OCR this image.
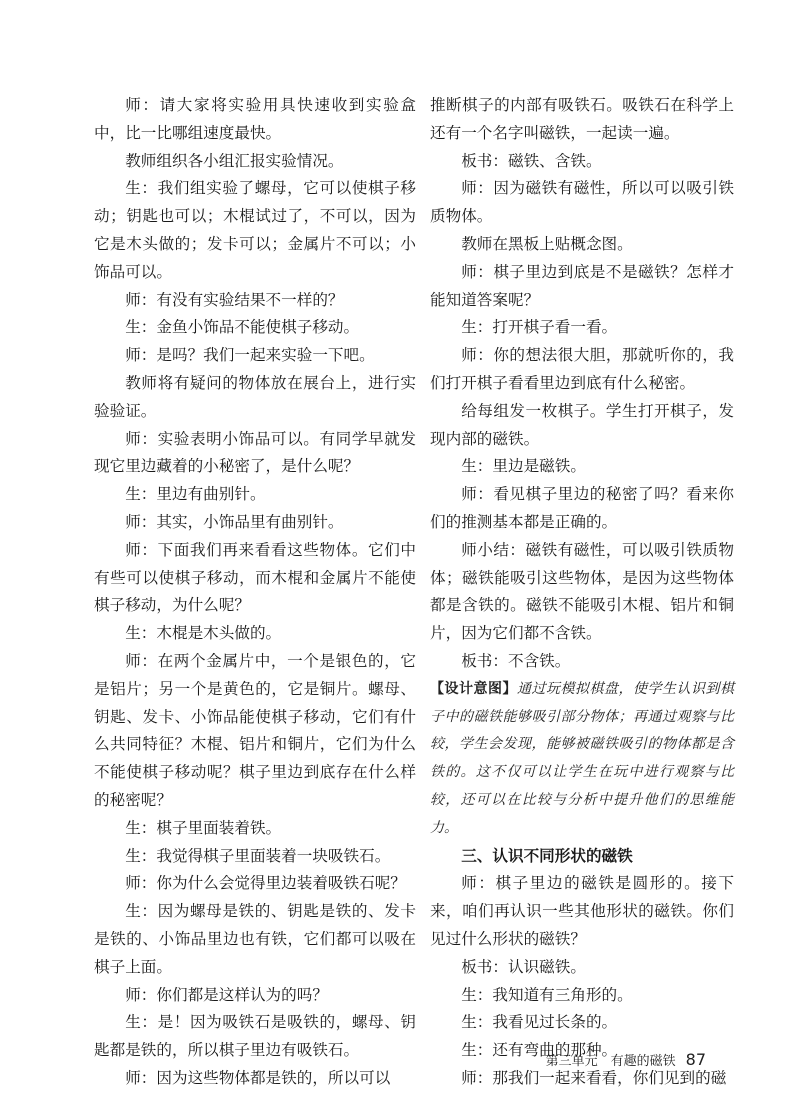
师：请大家将实验用具快速收到实验盒中，比一比哪组速度最快。

教师组织各小组汇报实验情况。

生：我们组实验了螺母，它可以使棋子移动；钥匙也可以；木棍试过了，不可以，因为它是木头做的；发卡可以；金属片不可以；小饰品可以。

师：有没有实验结果不一样的？

生：金鱼小饰品不能使棋子移动。

师：是吗？我们一起来实验一下吧。

教师将有疑问的物体放在展台上，进行实验验证。

师：实验表明小饰品可以。有同学早就发现它里边藏着的小秘密了，是什么呢？

生：里边有曲别针。

师：其实，小饰品里有曲别针。

师：下面我们再来看看这些物体。它们中有些可以使棋子移动，而木棍和金属片不能使棋子移动，为什么呢？

生：木棍是木头做的。

师：在两个金属片中，一个是银色的，它是铝片；另一个是黄色的，它是铜片。螺母、钥匙、发卡、小饰品能使棋子移动，它们有什么共同特征？木棍、铝片和铜片，它们为什么不能使棋子移动呢？棋子里边到底存在什么样的秘密呢？

生：棋子里面装着铁。

生：我觉得棋子里面装着一块吸铁石。

师：你为什么会觉得里边装着吸铁石呢？

生：因为螺母是铁的、钥匙是铁的、发卡是铁的、小饰品里边也有铁，它们都可以吸在棋子上面。

师：你们都是这样认为的吗？

生：是！因为吸铁石是吸铁的，螺母、钥匙都是铁的，所以棋子里边有吸铁石。

师：因为这些物体都是铁的，所以可以

推断棋子的内部有吸铁石。吸铁石在科学上还有一个名字叫磁铁，一起读一遍。

板书：磁铁、含铁。

师：因为磁铁有磁性，所以可以吸引铁质物体。

教师在黑板上贴概念图。

师：棋子里边到底是不是磁铁？怎样才能知道答案呢？

生：打开棋子看一看。

师：你的想法很大胆，那就听你的，我们打开棋子看看里边到底有什么秘密。

给每组发一枚棋子。学生打开棋子，发现内部的磁铁。

生：里边是磁铁。

师：看见棋子里边的秘密了吗？看来你们的推测基本都是正确的。

师小结：磁铁有磁性，可以吸引铁质物体；磁铁能吸引这些物体，是因为这些物体都是含铁的。磁铁不能吸引木棍、铝片和铜片，因为它们都不含铁。

板书：不含铁。

【设计意图】通过玩模拟棋盘，使学生认识到棋子中的磁铁能够吸引部分物体；再通过观察与比较，学生会发现，能够被磁铁吸引的物体都是含铁的。这不仅可以让学生在玩中进行观察与比较，还可以在比较与分析中提升他们的思维能力。

三、认识不同形状的磁铁

师：棋子里边的磁铁是圆形的。接下来，咱们再认识一些其他形状的磁铁。你们见过什么形状的磁铁？

板书：认识磁铁。

生：我知道有三角形的。

生：我看见过长条的。

生：还有弯曲的那种。

师：那我们一起来看看，你们见到的磁

第三单元　有趣的磁铁 87
